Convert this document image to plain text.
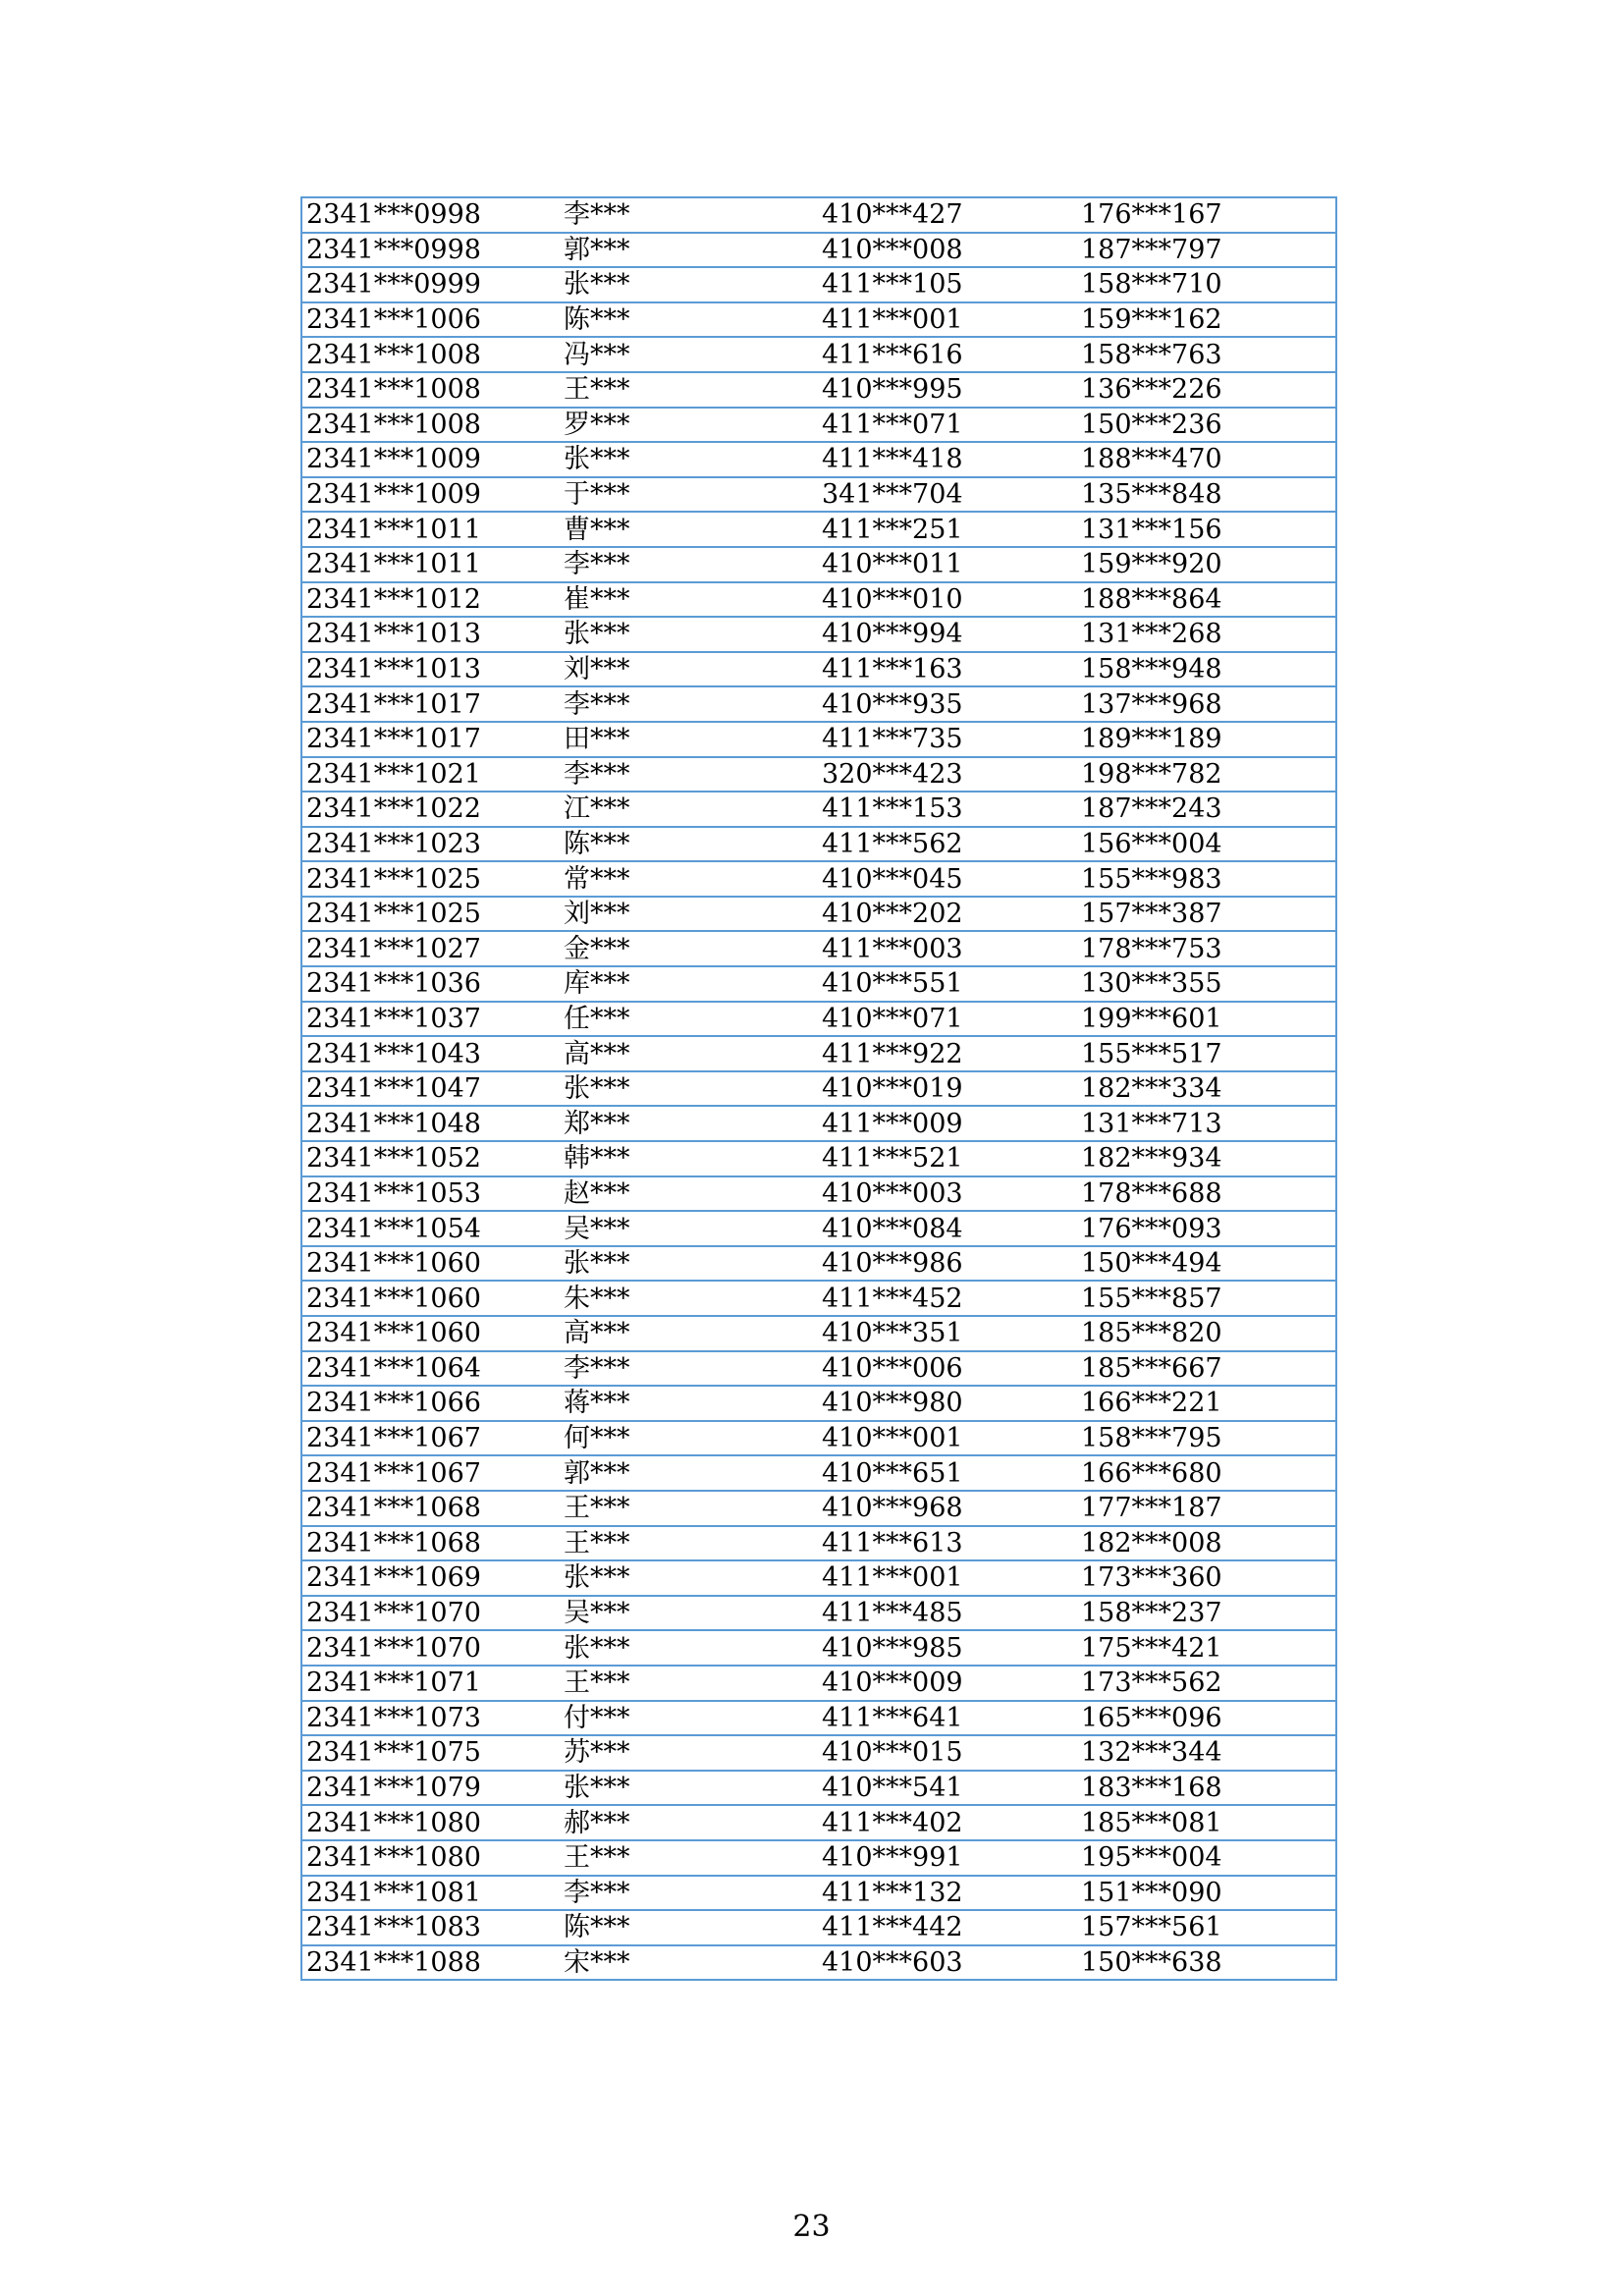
2341***0998	李***	410***427	176***167
2341***0998	郭***	410***008	187***797
2341***0999	张***	411***105	158***710
2341***1006	陈***	411***001	159***162
2341***1008	冯***	411***616	158***763
2341***1008	王***	410***995	136***226
2341***1008	罗***	411***071	150***236
2341***1009	张***	411***418	188***470
2341***1009	于***	341***704	135***848
2341***1011	曹***	411***251	131***156
2341***1011	李***	410***011	159***920
2341***1012	崔***	410***010	188***864
2341***1013	张***	410***994	131***268
2341***1013	刘***	411***163	158***948
2341***1017	李***	410***935	137***968
2341***1017	田***	411***735	189***189
2341***1021	李***	320***423	198***782
2341***1022	江***	411***153	187***243
2341***1023	陈***	411***562	156***004
2341***1025	常***	410***045	155***983
2341***1025	刘***	410***202	157***387
2341***1027	金***	411***003	178***753
2341***1036	库***	410***551	130***355
2341***1037	任***	410***071	199***601
2341***1043	高***	411***922	155***517
2341***1047	张***	410***019	182***334
2341***1048	郑***	411***009	131***713
2341***1052	韩***	411***521	182***934
2341***1053	赵***	410***003	178***688
2341***1054	吴***	410***084	176***093
2341***1060	张***	410***986	150***494
2341***1060	朱***	411***452	155***857
2341***1060	高***	410***351	185***820
2341***1064	李***	410***006	185***667
2341***1066	蒋***	410***980	166***221
2341***1067	何***	410***001	158***795
2341***1067	郭***	410***651	166***680
2341***1068	王***	410***968	177***187
2341***1068	王***	411***613	182***008
2341***1069	张***	411***001	173***360
2341***1070	吴***	411***485	158***237
2341***1070	张***	410***985	175***421
2341***1071	王***	410***009	173***562
2341***1073	付***	411***641	165***096
2341***1075	苏***	410***015	132***344
2341***1079	张***	410***541	183***168
2341***1080	郝***	411***402	185***081
2341***1080	王***	410***991	195***004
2341***1081	李***	411***132	151***090
2341***1083	陈***	411***442	157***561
2341***1088	宋***	410***603	150***638
23
